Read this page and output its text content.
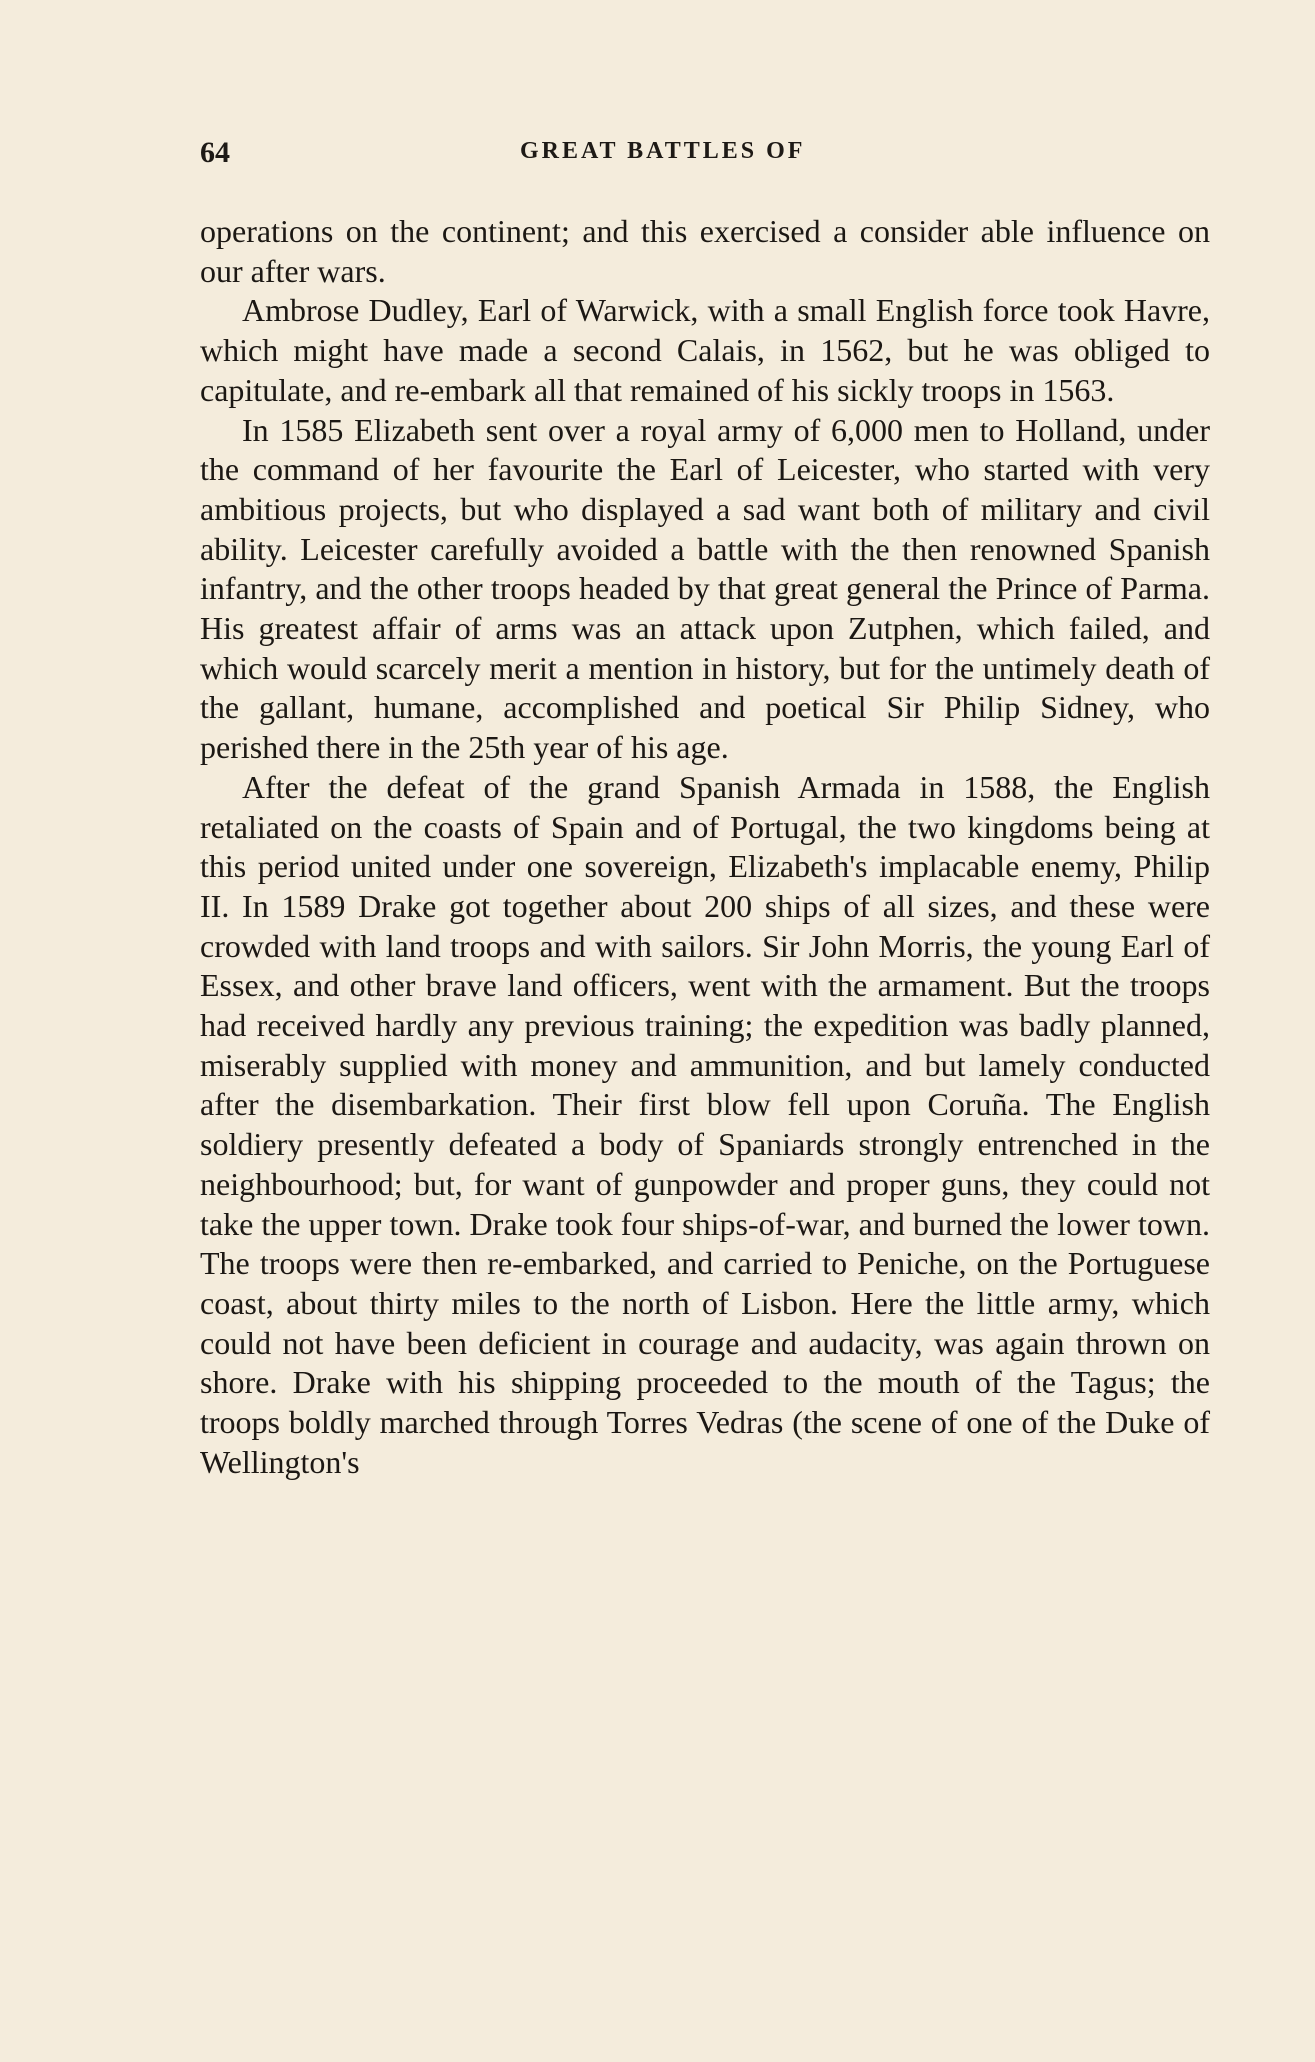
64	GREAT BATTLES OF

operations on the continent; and this exercised a consider able influence on our after wars.

Ambrose Dudley, Earl of Warwick, with a small English force took Havre, which might have made a second Calais, in 1562, but he was obliged to capitulate, and re-embark all that remained of his sickly troops in 1563.

In 1585 Elizabeth sent over a royal army of 6,000 men to Holland, under the command of her favourite the Earl of Leicester, who started with very ambitious projects, but who displayed a sad want both of military and civil ability. Leicester carefully avoided a battle with the then renowned Spanish infantry, and the other troops headed by that great general the Prince of Parma. His greatest affair of arms was an attack upon Zutphen, which failed, and which would scarcely merit a mention in history, but for the untimely death of the gallant, humane, accomplished and poetical Sir Philip Sidney, who perished there in the 25th year of his age.

After the defeat of the grand Spanish Armada in 1588, the English retaliated on the coasts of Spain and of Portugal, the two kingdoms being at this period united under one sovereign, Elizabeth's implacable enemy, Philip II. In 1589 Drake got together about 200 ships of all sizes, and these were crowded with land troops and with sailors. Sir John Morris, the young Earl of Essex, and other brave land officers, went with the armament. But the troops had received hardly any previous training; the expedition was badly planned, miserably supplied with money and ammunition, and but lamely conducted after the disembarkation. Their first blow fell upon Coruña. The English soldiery presently defeated a body of Spaniards strongly entrenched in the neighbourhood; but, for want of gunpowder and proper guns, they could not take the upper town. Drake took four ships-of-war, and burned the lower town. The troops were then re-embarked, and carried to Peniche, on the Portuguese coast, about thirty miles to the north of Lisbon. Here the little army, which could not have been deficient in courage and audacity, was again thrown on shore. Drake with his shipping proceeded to the mouth of the Tagus; the troops boldly marched through Torres Vedras (the scene of one of the Duke of Wellington's
